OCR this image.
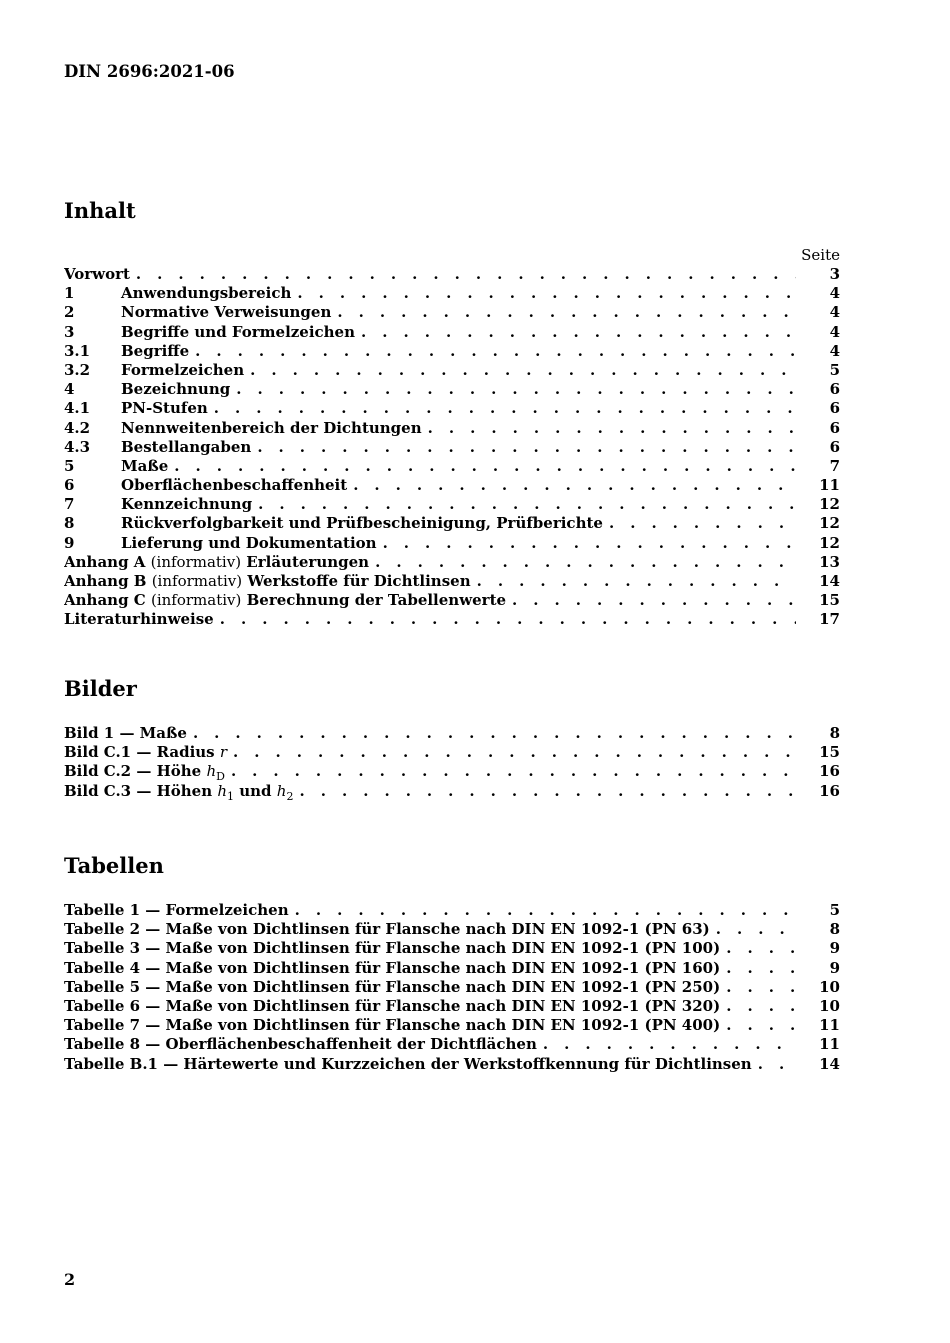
DIN 2696:2021-06
Inhalt
Seite
Vorwort . . .	3
1	Anwendungsbereich . . .	4
2	Normative Verweisungen . . .	4
3	Begriffe und Formelzeichen . . .	4
3.1	Begriffe . . .	4
3.2	Formelzeichen . . .	5
4	Bezeichnung . . .	6
4.1	PN-Stufen . . .	6
4.2	Nennweitenbereich der Dichtungen . . .	6
4.3	Bestellangaben . . .	6
5	Maße . . .	7
6	Oberflächenbeschaffenheit . . .	11
7	Kennzeichnung . . .	12
8	Rückverfolgbarkeit und Prüfbescheinigung, Prüfberichte . . .	12
9	Lieferung und Dokumentation . . .	12
Anhang A (informativ) Erläuterungen . . .	13
Anhang B (informativ) Werkstoffe für Dichtlinsen . . .	14
Anhang C (informativ) Berechnung der Tabellenwerte . . .	15
Literaturhinweise . . .	17
Bilder
Bild 1 — Maße . . .	8
Bild C.1 — Radius r . . .	15
Bild C.2 — Höhe $h_D$ . . .	16
Bild C.3 — Höhen $h_1$ und $h_2$ . . .	16
Tabellen
Tabelle 1 — Formelzeichen . . .	5
Tabelle 2 — Maße von Dichtlinsen für Flansche nach DIN EN 1092-1 (PN 63) . . .	8
Tabelle 3 — Maße von Dichtlinsen für Flansche nach DIN EN 1092-1 (PN 100) . . .	9
Tabelle 4 — Maße von Dichtlinsen für Flansche nach DIN EN 1092-1 (PN 160) . . .	9
Tabelle 5 — Maße von Dichtlinsen für Flansche nach DIN EN 1092-1 (PN 250) . . .	10
Tabelle 6 — Maße von Dichtlinsen für Flansche nach DIN EN 1092-1 (PN 320) . . .	10
Tabelle 7 — Maße von Dichtlinsen für Flansche nach DIN EN 1092-1 (PN 400) . . .	11
Tabelle 8 — Oberflächenbeschaffenheit der Dichtflächen . . .	11
Tabelle B.1 — Härtewerte und Kurzzeichen der Werkstoffkennung für Dichtlinsen . . .	14
2
